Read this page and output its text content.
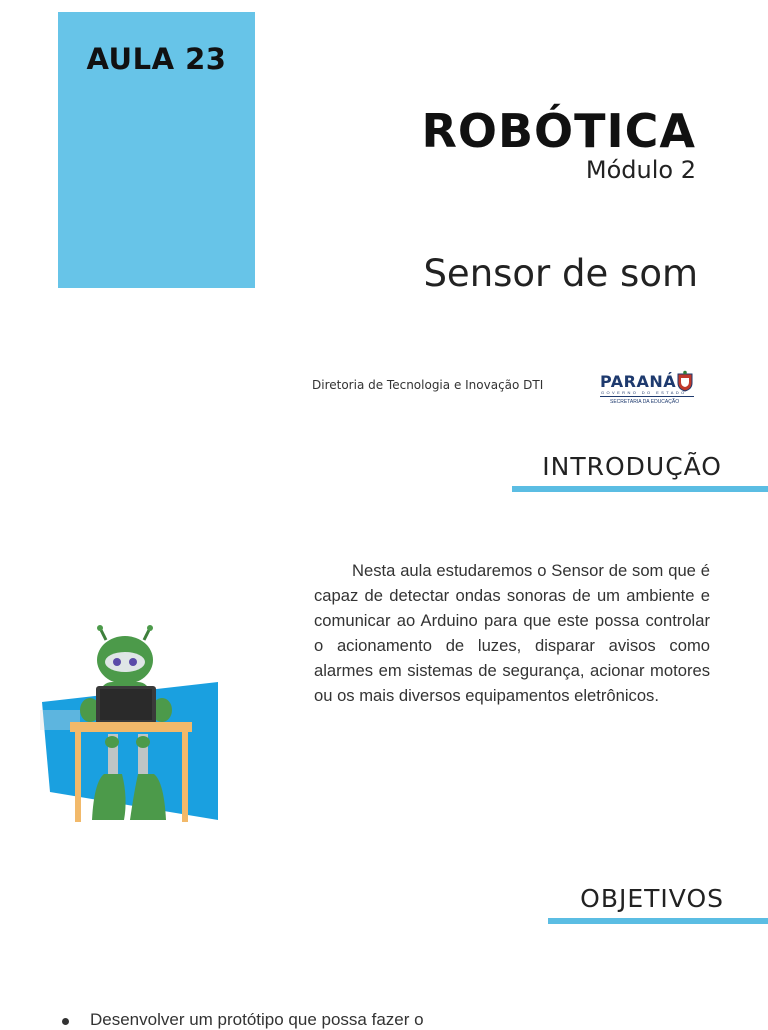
AULA 23
ROBÓTICA
Módulo 2
Sensor de som
Diretoria de Tecnologia e Inovação DTI	PARANÁ
GOVERNO DO ESTADO
SECRETARIA DA EDUCAÇÃO
INTRODUÇÃO

Nesta aula estudaremos o Sensor de som que é capaz de detectar ondas sonoras de um ambiente e comunicar ao Arduino para que este possa controlar o acionamento de luzes, disparar avisos como alarmes em sistemas de segurança, acionar motores ou os mais diversos equipamentos eletrônicos.

OBJETIVOS
Desenvolver um protótipo que possa fazer o
